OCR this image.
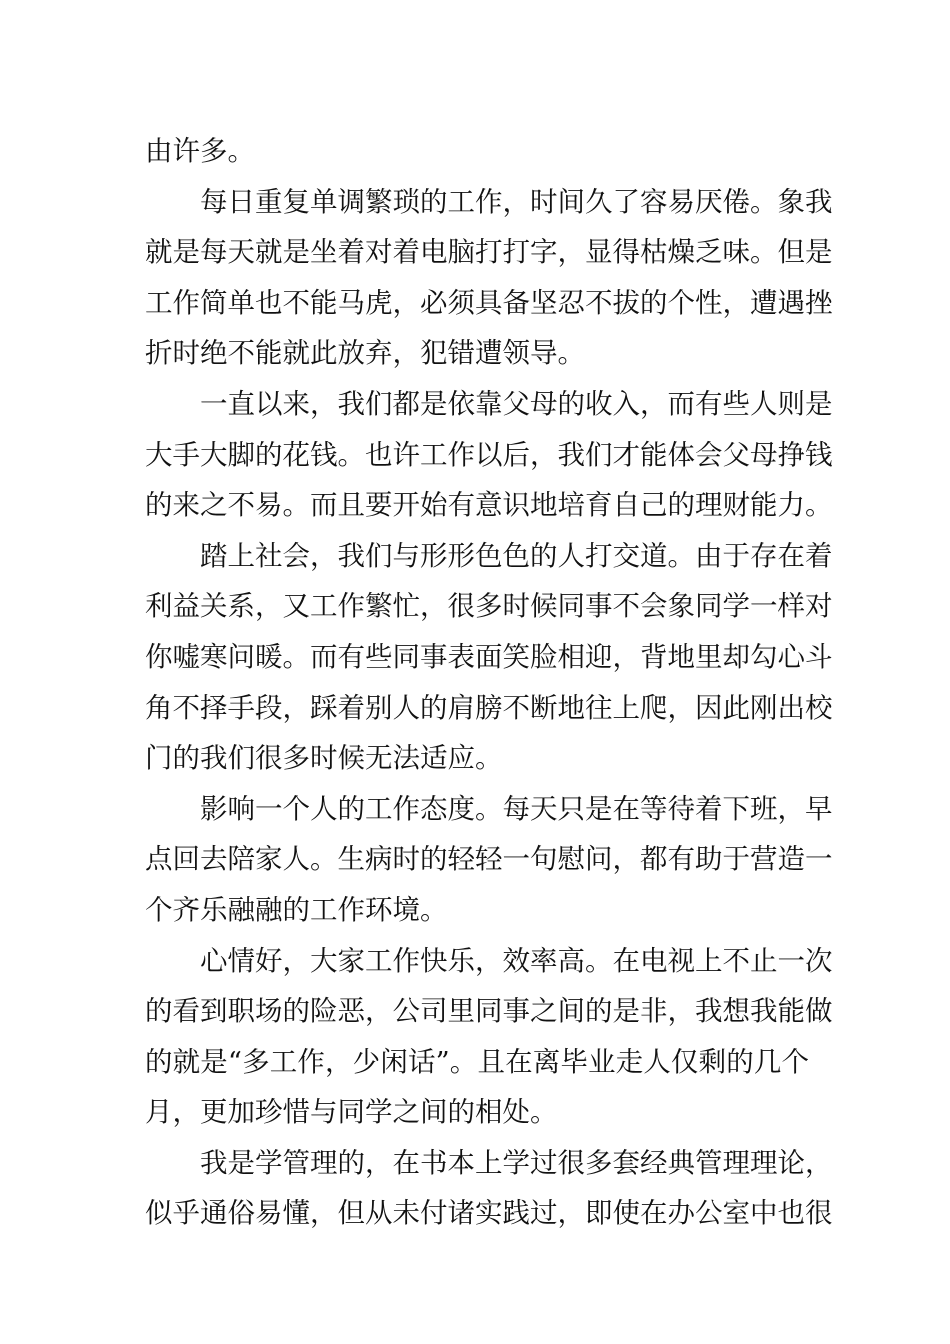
由许多。
每日重复单调繁琐的工作，时间久了容易厌倦。象我
就是每天就是坐着对着电脑打打字，显得枯燥乏味。但是
工作简单也不能马虎，必须具备坚忍不拔的个性，遭遇挫
折时绝不能就此放弃，犯错遭领导。
一直以来，我们都是依靠父母的收入，而有些人则是
大手大脚的花钱。也许工作以后，我们才能体会父母挣钱
的来之不易。而且要开始有意识地培育自己的理财能力。
踏上社会，我们与形形色色的人打交道。由于存在着
利益关系，又工作繁忙，很多时候同事不会象同学一样对
你嘘寒问暖。而有些同事表面笑脸相迎，背地里却勾心斗
角不择手段，踩着别人的肩膀不断地往上爬，因此刚出校
门的我们很多时候无法适应。
影响一个人的工作态度。每天只是在等待着下班，早
点回去陪家人。生病时的轻轻一句慰问，都有助于营造一
个齐乐融融的工作环境。
心情好，大家工作快乐，效率高。在电视上不止一次
的看到职场的险恶，公司里同事之间的是非，我想我能做
的就是“多工作，少闲话”。且在离毕业走人仅剩的几个
月，更加珍惜与同学之间的相处。
我是学管理的，在书本上学过很多套经典管理理论，
似乎通俗易懂，但从未付诸实践过，即使在办公室中也很
